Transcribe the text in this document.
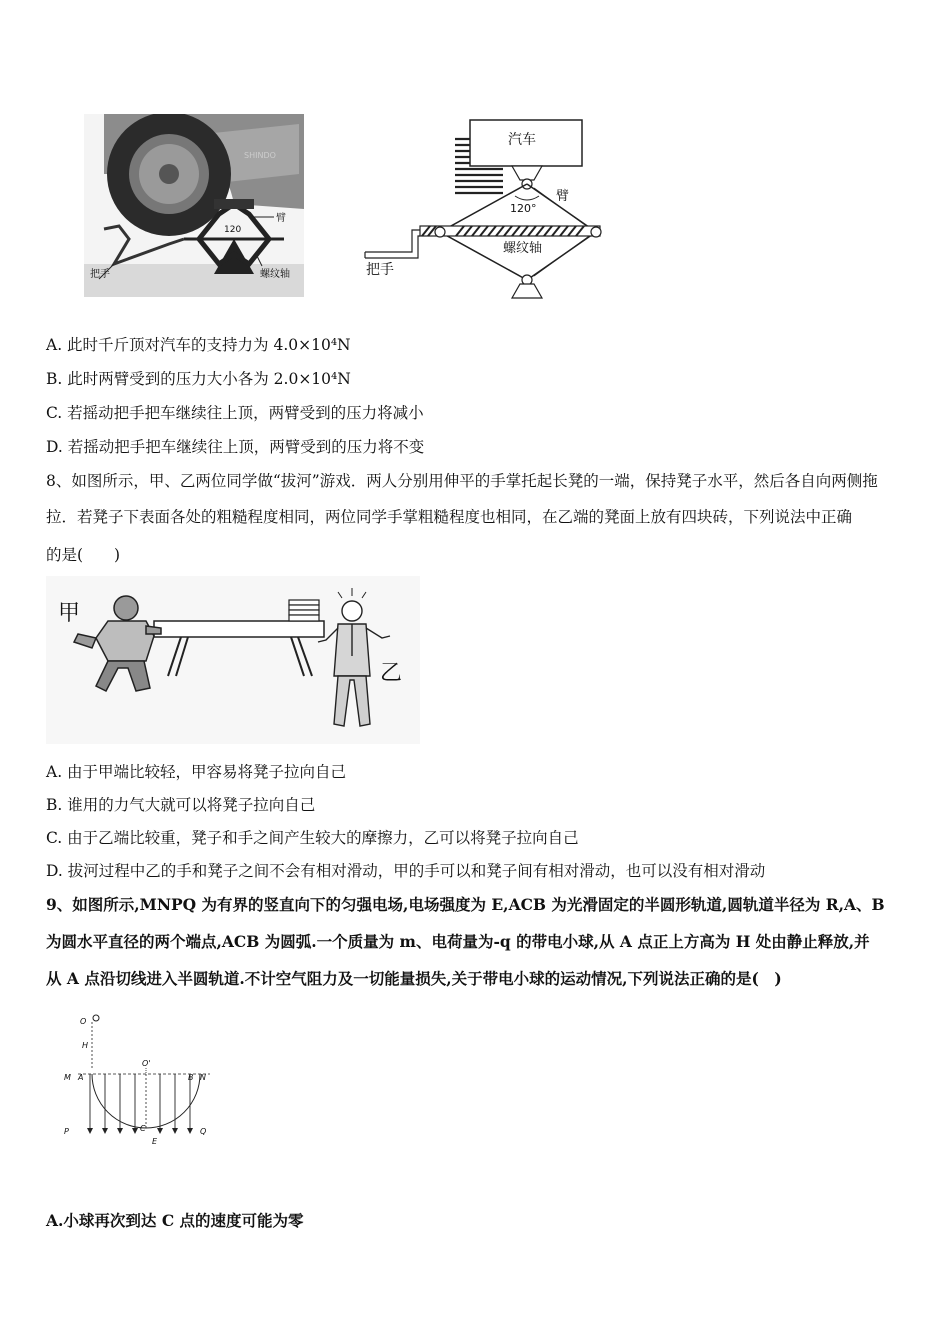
SHINDO
臂
120
螺纹轴
把手
汽车
120°
臂
螺纹轴
把手
A. 此时千斤顶对汽车的支持力为 4.0×10⁴N
B. 此时两臂受到的压力大小各为 2.0×10⁴N
C. 若摇动把手把车继续往上顶，两臂受到的压力将减小
D. 若摇动把手把车继续往上顶，两臂受到的压力将不变
8、如图所示，甲、乙两位同学做“拔河”游戏．两人分别用伸平的手掌托起长凳的一端，保持凳子水平，然后各自向两侧拖
拉．若凳子下表面各处的粗糙程度相同，两位同学手掌粗糙程度也相同，在乙端的凳面上放有四块砖，下列说法中正确
的是(　　)
甲
乙
A. 由于甲端比较轻，甲容易将凳子拉向自己
B. 谁用的力气大就可以将凳子拉向自己
C. 由于乙端比较重，凳子和手之间产生较大的摩擦力，乙可以将凳子拉向自己
D. 拔河过程中乙的手和凳子之间不会有相对滑动，甲的手可以和凳子间有相对滑动，也可以没有相对滑动
9、如图所示,MNPQ 为有界的竖直向下的匀强电场,电场强度为 E,ACB 为光滑固定的半圆形轨道,圆轨道半径为 R,A、B
为圆水平直径的两个端点,ACB 为圆弧.一个质量为 m、电荷量为-q 的带电小球,从 A 点正上方高为 H 处由静止释放,并
从 A 点沿切线进入半圆轨道.不计空气阻力及一切能量损失,关于带电小球的运动情况,下列说法正确的是(　)
O
H
O'
M A	B N
C
P	Q
E
A.小球再次到达 C 点的速度可能为零
